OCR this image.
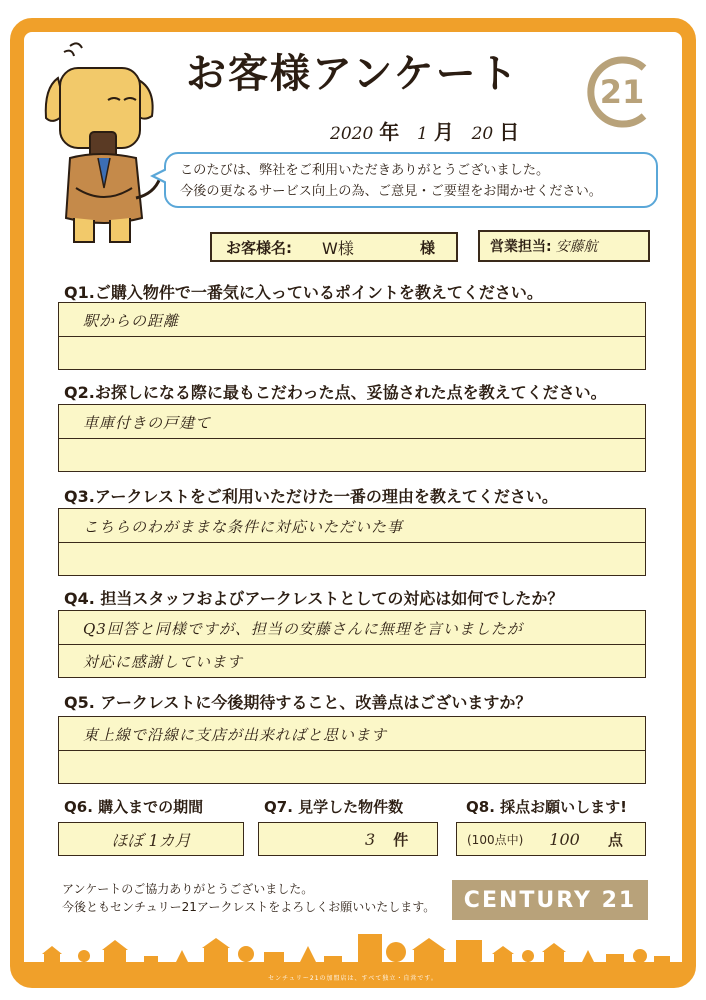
お客様アンケート	21
2020 年 1 月 20 日
このたびは、弊社をご利用いただきありがとうございました。
今後の更なるサービス向上の為、ご意見・ご要望をお聞かせください。
お客様名: W様	様	営業担当: 安藤航
Q1.ご購入物件で一番気に入っているポイントを教えてください。
駅からの距離
Q2.お探しになる際に最もこだわった点、妥協された点を教えてください。
車庫付きの戸建て
Q3.アークレストをご利用いただけた一番の理由を教えてください。
こちらのわがままな条件に対応いただいた事
Q4. 担当スタッフおよびアークレストとしての対応は如何でしたか？
Q3回答と同様ですが、担当の安藤さんに無理を言いましたが
対応に感謝しています
Q5. アークレストに今後期待すること、改善点はございますか？
東上線で沿線に支店が出来ればと思います
Q6. 購入までの期間
ほぼ 1カ月
Q7. 見学した物件数
3 件
Q8. 採点お願いします!
(100点中) 100 点
アンケートのご協力ありがとうございました。
今後ともセンチュリー21アークレストをよろしくお願いいたします。	CENTURY 21
センチュリー21の加盟店は、すべて独立・自営です。
